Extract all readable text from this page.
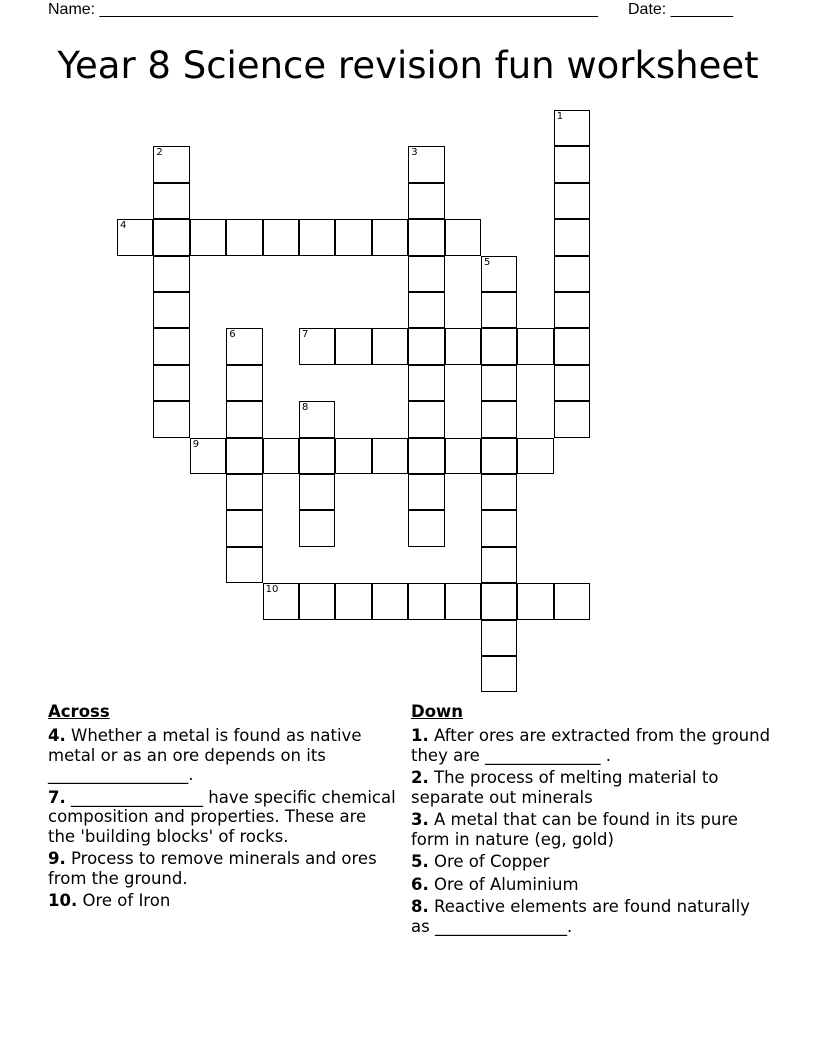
Name: ________________________________________________________ Date: _______
Year 8 Science revision fun worksheet
4
7
9
10
1
2	3
5
6
8
Across
4. Whether a metal is found as native metal or as an ore depends on its _________________.
7. ________________ have specific chemical composition and properties. These are the 'building blocks' of rocks.
9. Process to remove minerals and ores from the ground.
10. Ore of Iron
Down
1. After ores are extracted from the ground they are ______________ .
2. The process of melting material to separate out minerals
3. A metal that can be found in its pure form in nature (eg, gold)
5. Ore of Copper
6. Ore of Aluminium
8. Reactive elements are found naturally as ________________.
